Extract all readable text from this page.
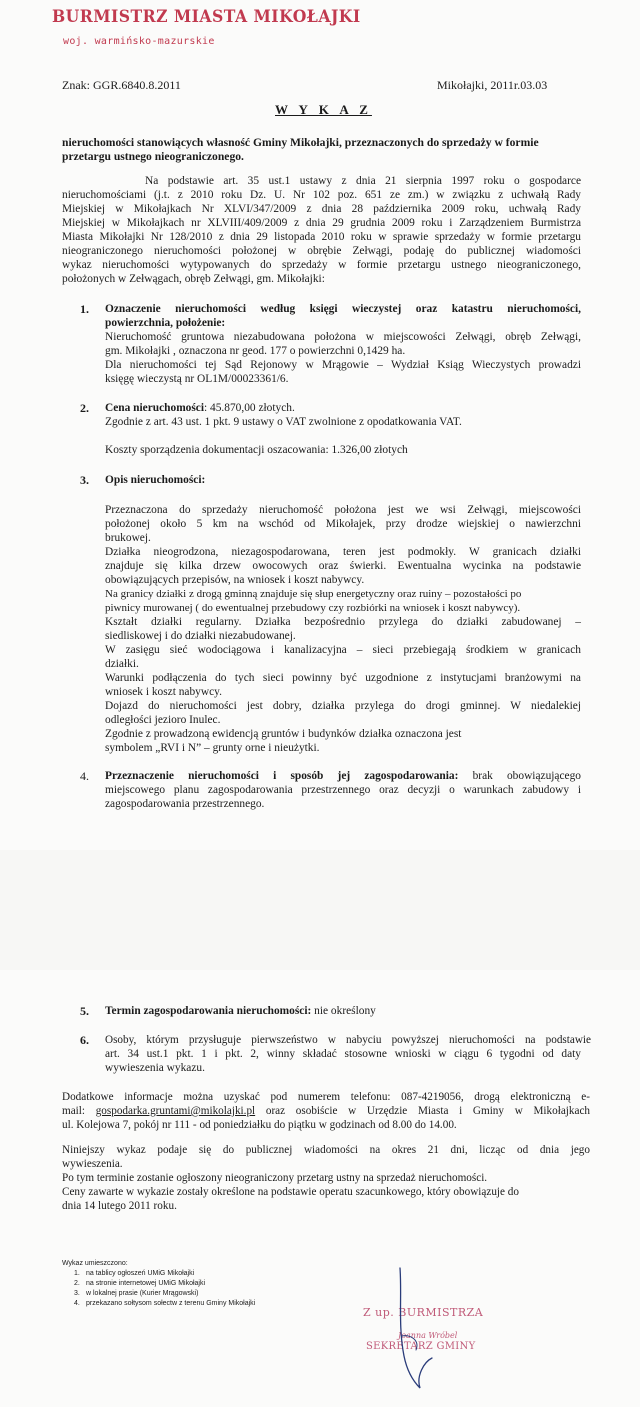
BURMISTRZ MIASTA MIKOŁAJKI
woj. warmińsko-mazurskie
Znak: GGR.6840.8.2011	Mikołajki, 2011r.03.03
W Y K A Z
nieruchomości stanowiących własność Gminy Mikołajki, przeznaczonych do sprzedaży w formie
przetargu ustnego nieograniczonego.
Na podstawie art. 35 ust.1 ustawy z dnia 21 sierpnia 1997 roku o gospodarce
nieruchomościami (j.t. z 2010 roku Dz. U. Nr 102 poz. 651 ze zm.) w związku z uchwałą Rady
Miejskiej w Mikołajkach Nr XLVI/347/2009 z dnia 28 października 2009 roku, uchwałą Rady
Miejskiej w Mikołajkach nr XLVIII/409/2009 z dnia 29 grudnia 2009 roku i Zarządzeniem Burmistrza
Miasta Mikołajki Nr 128/2010 z dnia 29 listopada 2010 roku w sprawie sprzedaży w formie przetargu
nieograniczonego nieruchomości położonej w obrębie Zełwągi, podaję do publicznej wiadomości
wykaz nieruchomości wytypowanych do sprzedaży w formie przetargu ustnego nieograniczonego,
położonych w Zełwągach, obręb Zełwągi, gm. Mikołajki:
1. Oznaczenie nieruchomości według księgi wieczystej oraz katastru nieruchomości,
powierzchnia, położenie:
Nieruchomość gruntowa niezabudowana położona w miejscowości Zełwągi, obręb Zełwągi,
gm. Mikołajki , oznaczona nr geod. 177 o powierzchni 0,1429 ha.
Dla nieruchomości tej Sąd Rejonowy w Mrągowie – Wydział Ksiąg Wieczystych prowadzi
księgę wieczystą nr OL1M/00023361/6.
2. Cena nieruchomości: 45.870,00 złotych.
Zgodnie z art. 43 ust. 1 pkt. 9 ustawy o VAT zwolnione z opodatkowania VAT.
Koszty sporządzenia dokumentacji oszacowania: 1.326,00 złotych
3. Opis nieruchomości:
Przeznaczona do sprzedaży nieruchomość położona jest we wsi Zełwągi, miejscowości
położonej około 5 km na wschód od Mikołajek, przy drodze wiejskiej o nawierzchni
brukowej.
Działka nieogrodzona, niezagospodarowana, teren jest podmokły. W granicach działki
znajduje się kilka drzew owocowych oraz świerki. Ewentualna wycinka na podstawie
obowiązujących przepisów, na wniosek i koszt nabywcy.
Na granicy działki z drogą gminną znajduje się słup energetyczny oraz ruiny – pozostałości po
piwnicy murowanej ( do ewentualnej przebudowy czy rozbiórki na wniosek i koszt nabywcy).
Kształt działki regularny. Działka bezpośrednio przylega do działki zabudowanej –
siedliskowej i do działki niezabudowanej.
W zasięgu sieć wodociągowa i kanalizacyjna – sieci przebiegają środkiem w granicach
działki.
Warunki podłączenia do tych sieci powinny być uzgodnione z instytucjami branżowymi na
wniosek i koszt nabywcy.
Dojazd do nieruchomości jest dobry, działka przylega do drogi gminnej. W niedalekiej
odległości jezioro Inulec.
Zgodnie z prowadzoną ewidencją gruntów i budynków działka oznaczona jest
symbolem „RVI i N” – grunty orne i nieużytki.
4. Przeznaczenie nieruchomości i sposób jej zagospodarowania: brak obowiązującego
miejscowego planu zagospodarowania przestrzennego oraz decyzji o warunkach zabudowy i
zagospodarowania przestrzennego.
5. Termin zagospodarowania nieruchomości: nie określony
6. Osoby, którym przysługuje pierwszeństwo w nabyciu powyższej nieruchomości na podstawie
art. 34 ust.1 pkt. 1 i pkt. 2, winny składać stosowne wnioski w ciągu 6 tygodni od daty
wywieszenia wykazu.
Dodatkowe informacje można uzyskać pod numerem telefonu: 087-4219056, drogą elektroniczną e-
mail: gospodarka.gruntami@mikolajki.pl oraz osobiście w Urzędzie Miasta i Gminy w Mikołajkach
ul. Kolejowa 7, pokój nr 111 - od poniedziałku do piątku w godzinach od 8.00 do 14.00.
Niniejszy wykaz podaje się do publicznej wiadomości na okres 21 dni, licząc od dnia jego
wywieszenia.
Po tym terminie zostanie ogłoszony nieograniczony przetarg ustny na sprzedaż nieruchomości.
Ceny zawarte w wykazie zostały określone na podstawie operatu szacunkowego, który obowiązuje do
dnia 14 lutego 2011 roku.
Wykaz umieszczono:
1. na tablicy ogłoszeń UMiG Mikołajki
2. na stronie internetowej UMiG Mikołajki
3. w lokalnej prasie (Kurier Mrągowski)
4. przekazano sołtysom sołectw z terenu Gminy Mikołajki
Z up. BURMISTRZA
Joanna Wróbel
SEKRETARZ GMINY
